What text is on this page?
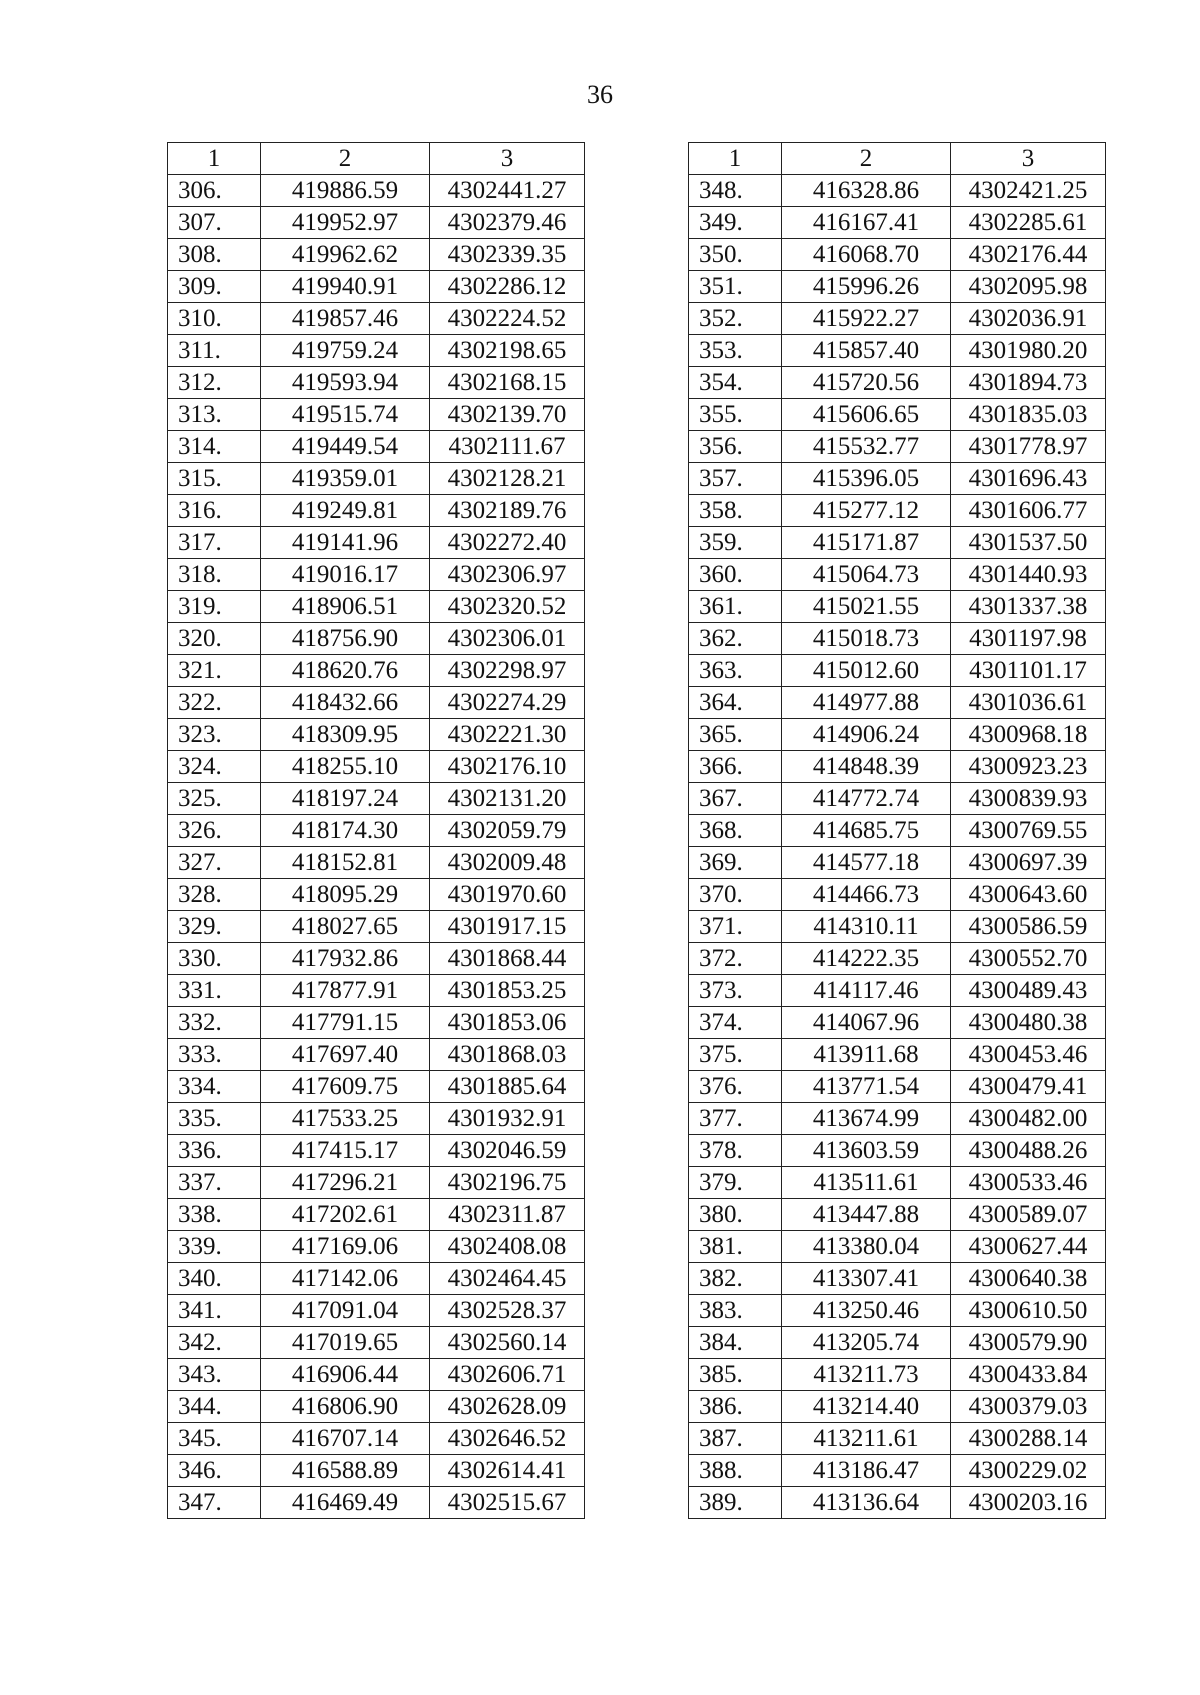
36
1	2	3
306.	419886.59	4302441.27
307.	419952.97	4302379.46
308.	419962.62	4302339.35
309.	419940.91	4302286.12
310.	419857.46	4302224.52
311.	419759.24	4302198.65
312.	419593.94	4302168.15
313.	419515.74	4302139.70
314.	419449.54	4302111.67
315.	419359.01	4302128.21
316.	419249.81	4302189.76
317.	419141.96	4302272.40
318.	419016.17	4302306.97
319.	418906.51	4302320.52
320.	418756.90	4302306.01
321.	418620.76	4302298.97
322.	418432.66	4302274.29
323.	418309.95	4302221.30
324.	418255.10	4302176.10
325.	418197.24	4302131.20
326.	418174.30	4302059.79
327.	418152.81	4302009.48
328.	418095.29	4301970.60
329.	418027.65	4301917.15
330.	417932.86	4301868.44
331.	417877.91	4301853.25
332.	417791.15	4301853.06
333.	417697.40	4301868.03
334.	417609.75	4301885.64
335.	417533.25	4301932.91
336.	417415.17	4302046.59
337.	417296.21	4302196.75
338.	417202.61	4302311.87
339.	417169.06	4302408.08
340.	417142.06	4302464.45
341.	417091.04	4302528.37
342.	417019.65	4302560.14
343.	416906.44	4302606.71
344.	416806.90	4302628.09
345.	416707.14	4302646.52
346.	416588.89	4302614.41
347.	416469.49	4302515.67
1	2	3
348.	416328.86	4302421.25
349.	416167.41	4302285.61
350.	416068.70	4302176.44
351.	415996.26	4302095.98
352.	415922.27	4302036.91
353.	415857.40	4301980.20
354.	415720.56	4301894.73
355.	415606.65	4301835.03
356.	415532.77	4301778.97
357.	415396.05	4301696.43
358.	415277.12	4301606.77
359.	415171.87	4301537.50
360.	415064.73	4301440.93
361.	415021.55	4301337.38
362.	415018.73	4301197.98
363.	415012.60	4301101.17
364.	414977.88	4301036.61
365.	414906.24	4300968.18
366.	414848.39	4300923.23
367.	414772.74	4300839.93
368.	414685.75	4300769.55
369.	414577.18	4300697.39
370.	414466.73	4300643.60
371.	414310.11	4300586.59
372.	414222.35	4300552.70
373.	414117.46	4300489.43
374.	414067.96	4300480.38
375.	413911.68	4300453.46
376.	413771.54	4300479.41
377.	413674.99	4300482.00
378.	413603.59	4300488.26
379.	413511.61	4300533.46
380.	413447.88	4300589.07
381.	413380.04	4300627.44
382.	413307.41	4300640.38
383.	413250.46	4300610.50
384.	413205.74	4300579.90
385.	413211.73	4300433.84
386.	413214.40	4300379.03
387.	413211.61	4300288.14
388.	413186.47	4300229.02
389.	413136.64	4300203.16
